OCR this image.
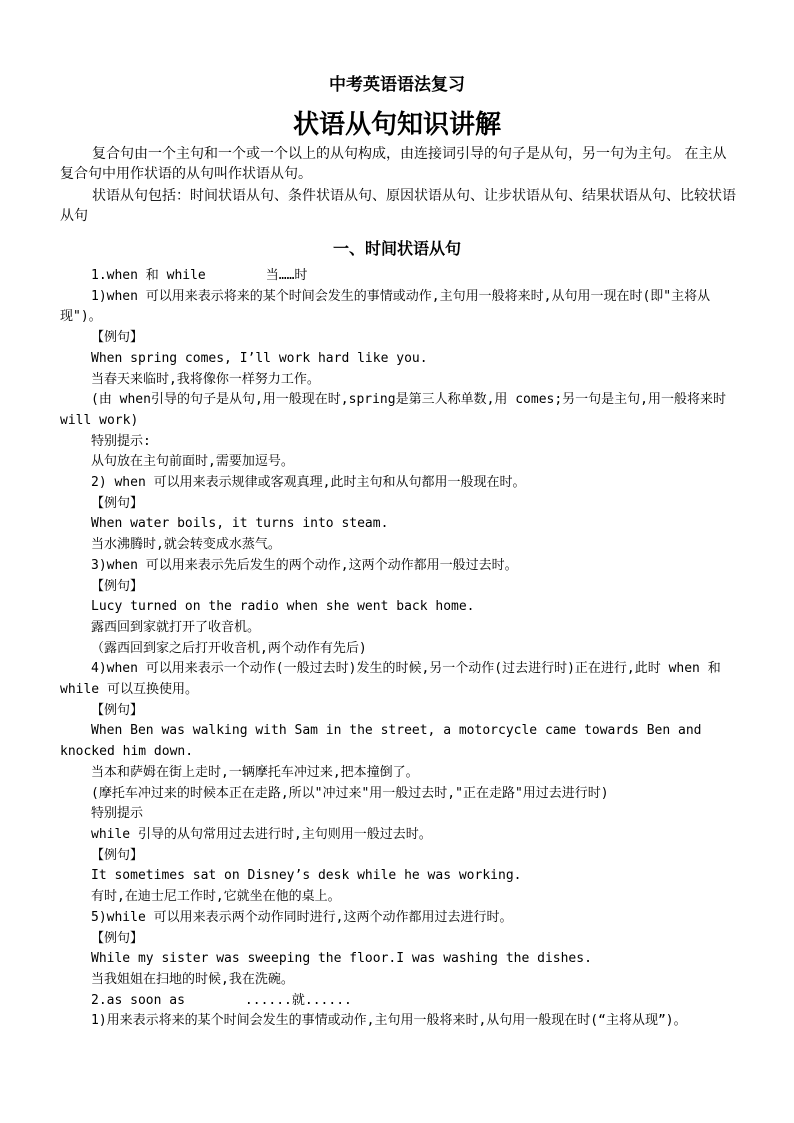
中考英语语法复习
状语从句知识讲解

复合句由一个主句和一个或一个以上的从句构成，由连接词引导的句子是从句，另一句为主句。 在主从复合句中用作状语的从句叫作状语从句。

状语从句包括：时间状语从句、条件状语从句、原因状语从句、让步状语从句、结果状语从句、比较状语从句

一、时间状语从句

1.when 和 while	当……时

1)when 可以用来表示将来的某个时间会发生的事情或动作,主句用一般将来时,从句用一现在时(即"主将从现")。

【例句】

When spring comes, I’ll work hard like you.

当春天来临时,我将像你一样努力工作。

(由 when引导的句子是从句,用一般现在时,spring是第三人称单数,用 comes;另一句是主句,用一般将来时will work)

特别提示:

从句放在主句前面时,需要加逗号。

2) when 可以用来表示规律或客观真理,此时主句和从句都用一般现在时。

【例句】

When water boils, it turns into steam.

当水沸腾时,就会转变成水蒸气。

3)when 可以用来表示先后发生的两个动作,这两个动作都用一般过去时。

【例句】

Lucy turned on the radio when she went back home.

露西回到家就打开了收音机。

（露西回到家之后打开收音机,两个动作有先后)

4)when 可以用来表示一个动作(一般过去时)发生的时候,另一个动作(过去进行时)正在进行,此时 when 和 while 可以互换使用。

【例句】

When Ben was walking with Sam in the street, a motorcycle came towards Ben and knocked him down.

当本和萨姆在街上走时,一辆摩托车冲过来,把本撞倒了。

(摩托车冲过来的时候本正在走路,所以"冲过来"用一般过去时,"正在走路"用过去进行时)

特别提示

while 引导的从句常用过去进行时,主句则用一般过去时。

【例句】

It sometimes sat on Disney’s desk while he was working.

有时,在迪士尼工作时,它就坐在他的桌上。

5)while 可以用来表示两个动作同时进行,这两个动作都用过去进行时。

【例句】

While my sister was sweeping the floor.I was washing the dishes.

当我姐姐在扫地的时候,我在洗碗。

2.as soon as	......就......

1)用来表示将来的某个时间会发生的事情或动作,主句用一般将来时,从句用一般现在时(“主将从现”)。
